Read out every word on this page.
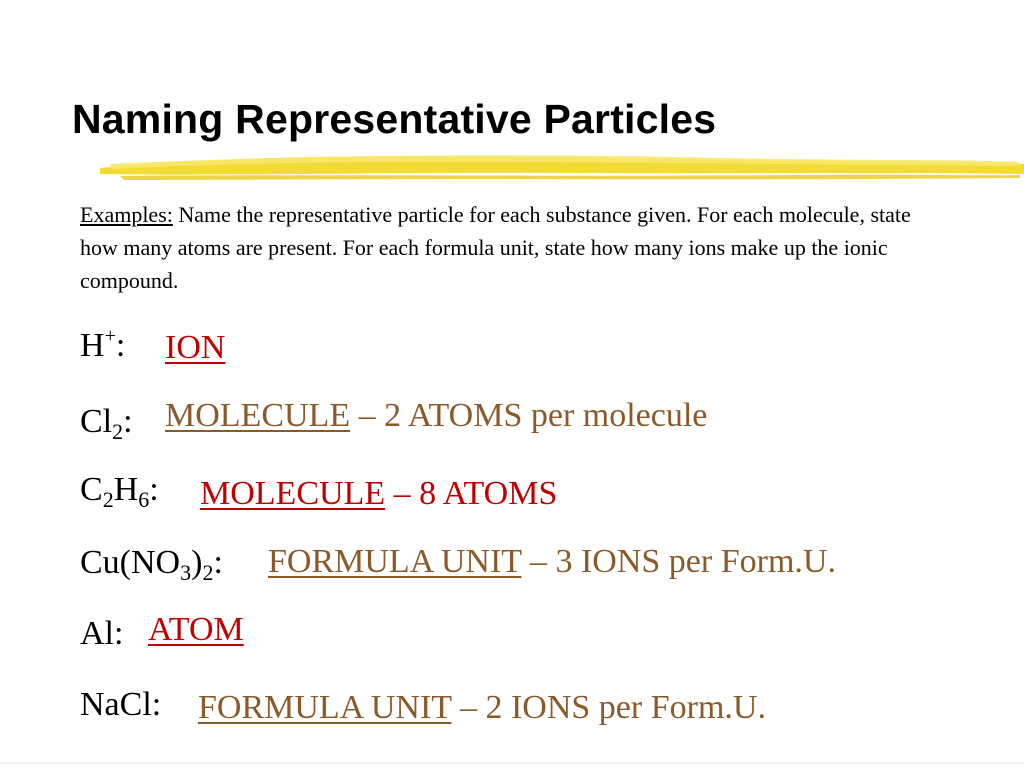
Naming Representative Particles
Examples: Name the representative particle for each substance given. For each molecule, state how many atoms are present. For each formula unit, state how many ions make up the ionic compound.
H+: ION
$Cl_2$: MOLECULE – 2 ATOMS per molecule
$C_2H_6$: MOLECULE – 8 ATOMS
$Cu(NO_3)_2$: FORMULA UNIT – 3 IONS per Form.U.
Al: ATOM
NaCl: FORMULA UNIT – 2 IONS per Form.U.
